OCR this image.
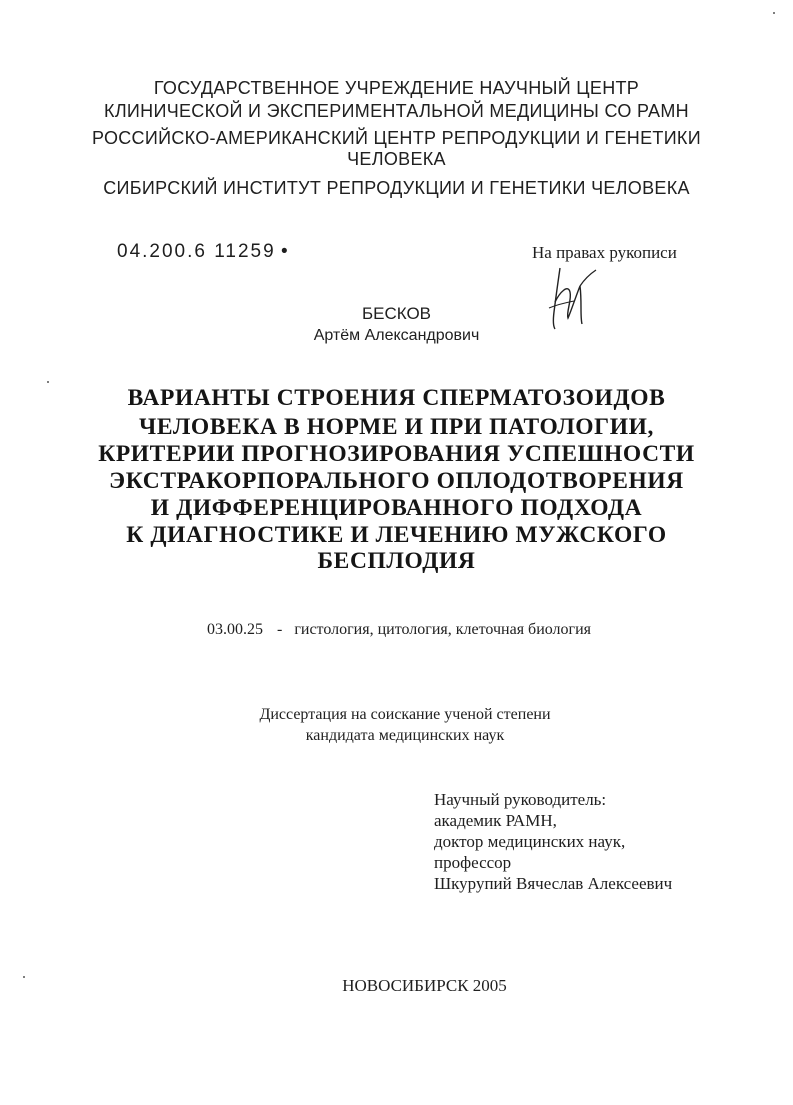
ГОСУДАРСТВЕННОЕ УЧРЕЖДЕНИЕ НАУЧНЫЙ ЦЕНТР
КЛИНИЧЕСКОЙ И ЭКСПЕРИМЕНТАЛЬНОЙ МЕДИЦИНЫ СО РАМН
РОССИЙСКО-АМЕРИКАНСКИЙ ЦЕНТР РЕПРОДУКЦИИ И ГЕНЕТИКИ
ЧЕЛОВЕКА
СИБИРСКИЙ ИНСТИТУТ РЕПРОДУКЦИИ И ГЕНЕТИКИ ЧЕЛОВЕКА
04.200.6 11259 •	На правах рукописи
БЕСКОВ
Артём Александрович
ВАРИАНТЫ СТРОЕНИЯ СПЕРМАТОЗОИДОВ
ЧЕЛОВЕКА В НОРМЕ И ПРИ ПАТОЛОГИИ,
КРИТЕРИИ ПРОГНОЗИРОВАНИЯ УСПЕШНОСТИ
ЭКСТРАКОРПОРАЛЬНОГО ОПЛОДОТВОРЕНИЯ
И ДИФФЕРЕНЦИРОВАННОГО ПОДХОДА
К ДИАГНОСТИКЕ И ЛЕЧЕНИЮ МУЖСКОГО
БЕСПЛОДИЯ
03.00.25 - гистология, цитология, клеточная биология
Диссертация на соискание ученой степени
кандидата медицинских наук
Научный руководитель:
академик РАМН,
доктор медицинских наук,
профессор
Шкурупий Вячеслав Алексеевич
НОВОСИБИРСК 2005
